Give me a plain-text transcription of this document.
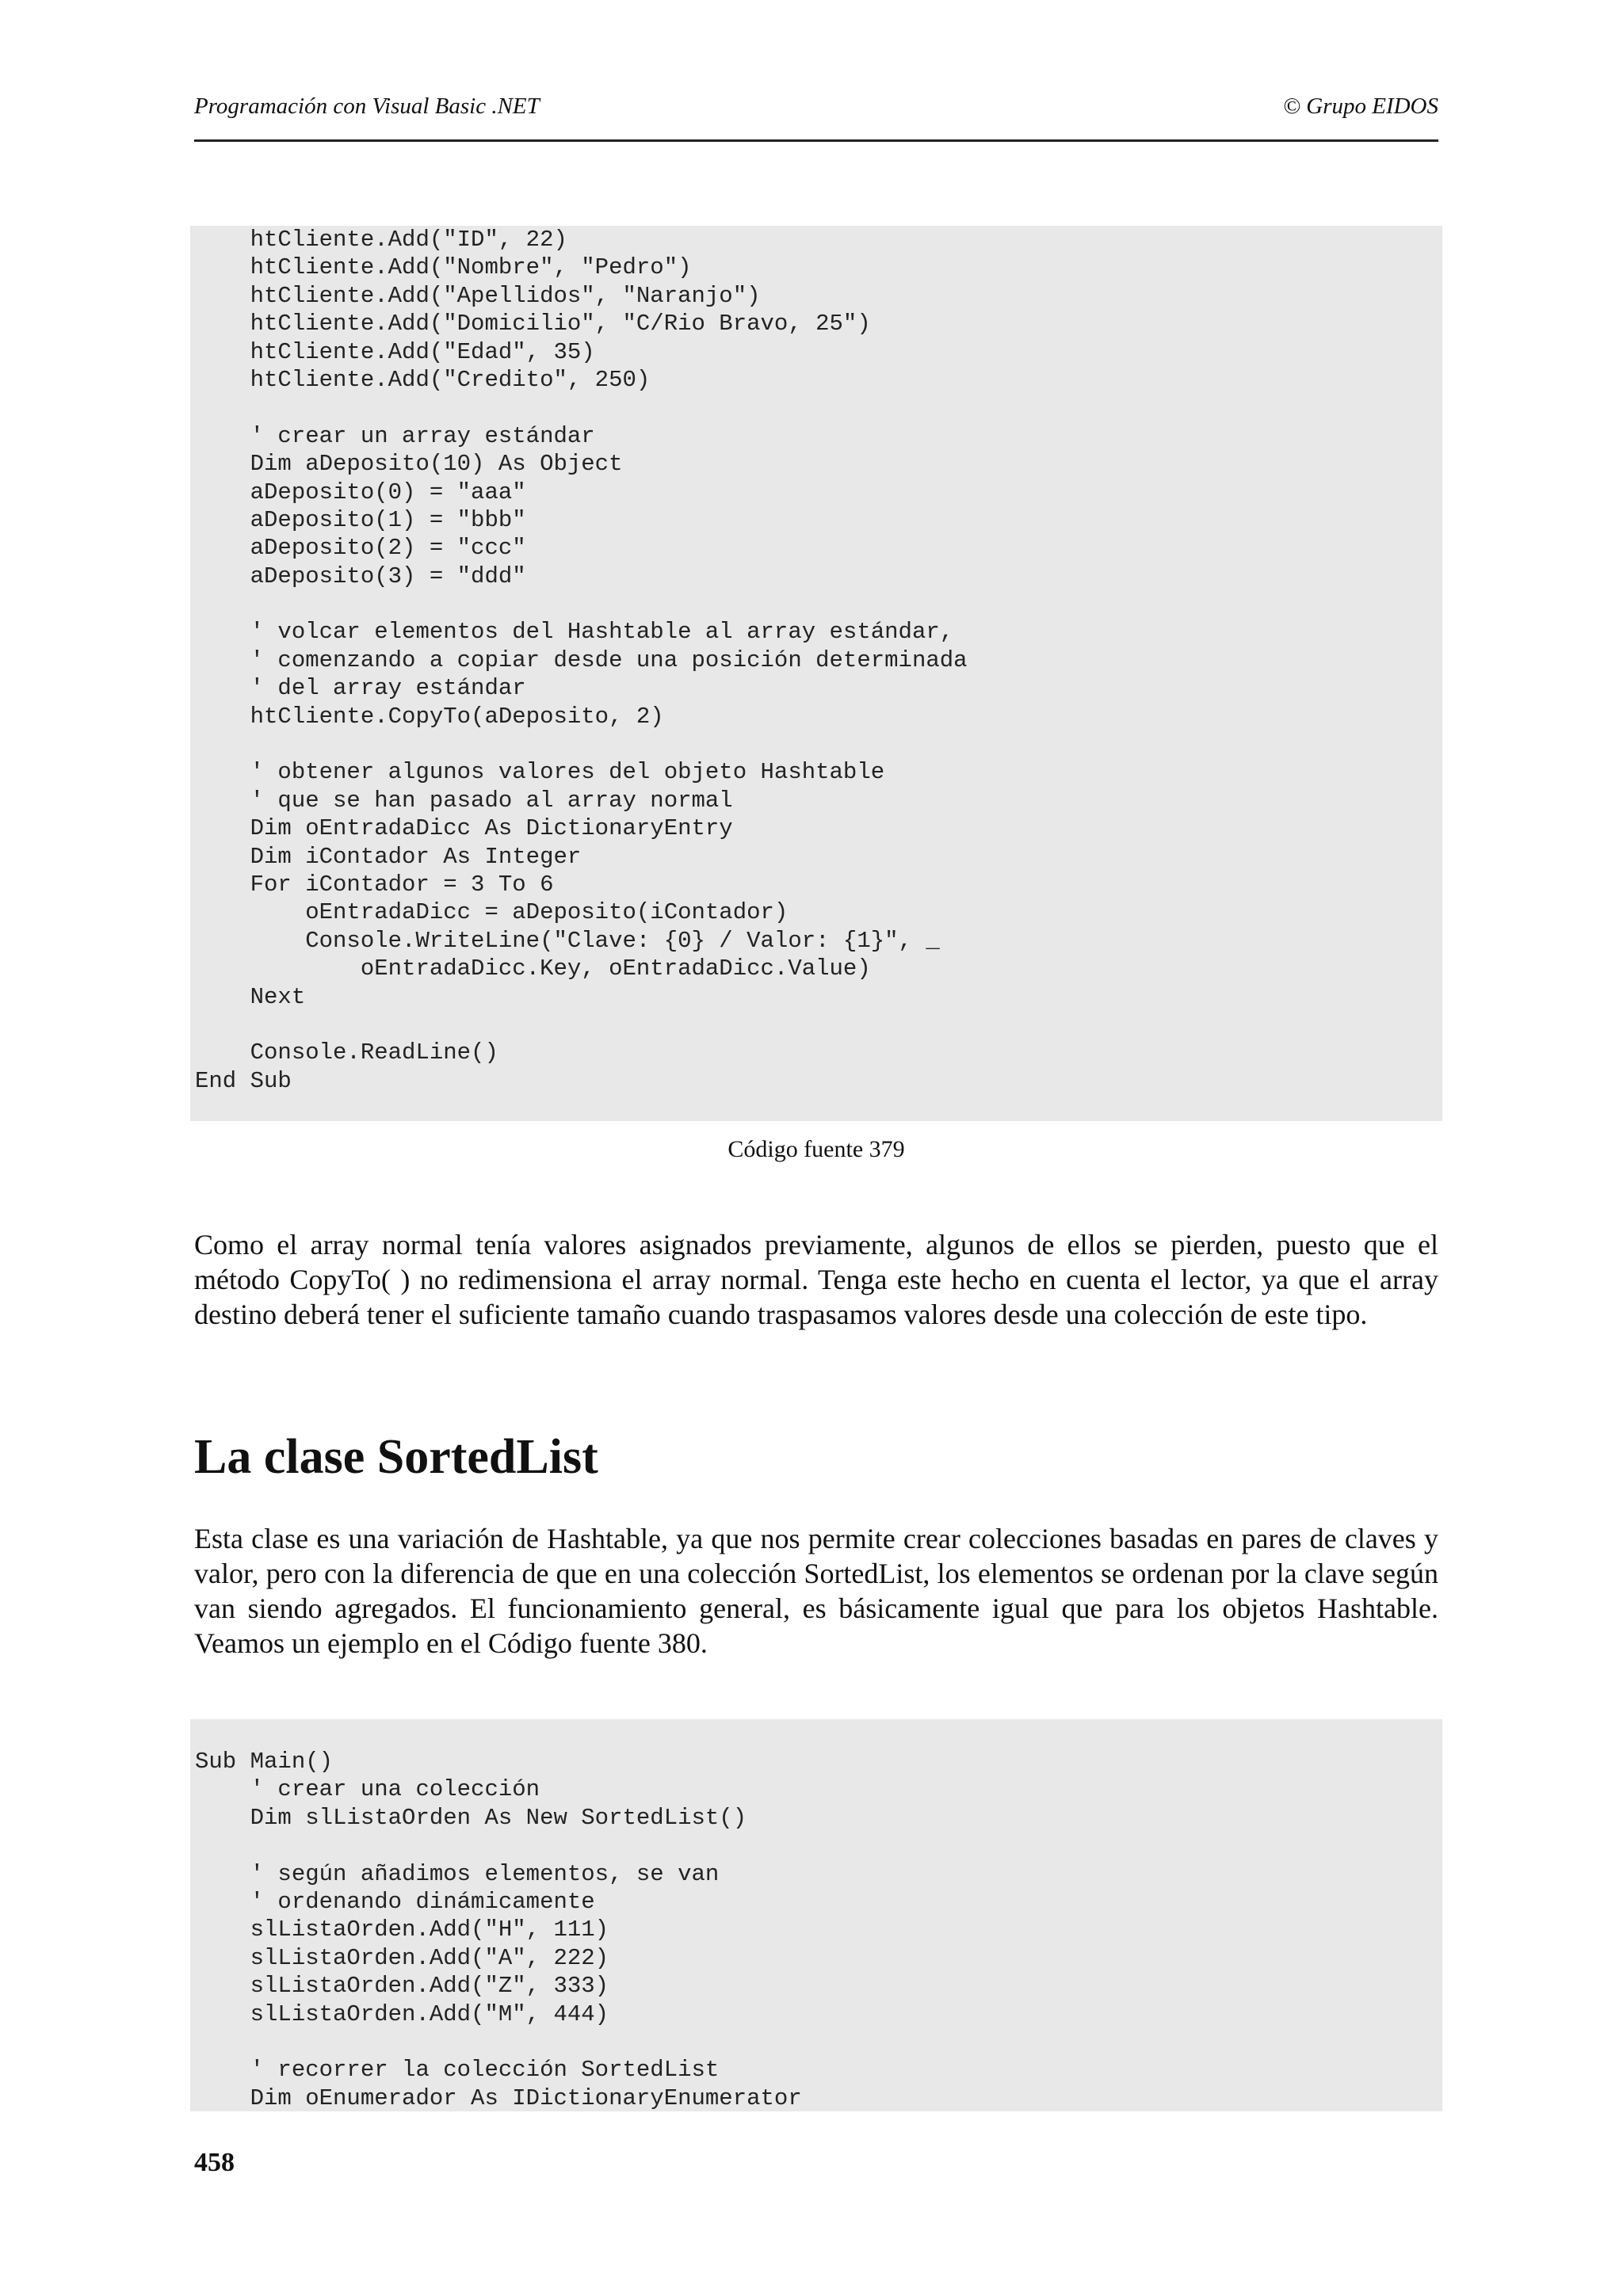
Programación con Visual Basic .NET	© Grupo EIDOS
htCliente.Add("ID", 22)
htCliente.Add("Nombre", "Pedro")
htCliente.Add("Apellidos", "Naranjo")
htCliente.Add("Domicilio", "C/Rio Bravo, 25")
htCliente.Add("Edad", 35)
htCliente.Add("Credito", 250)
' crear un array estándar
Dim aDeposito(10) As Object
aDeposito(0) = "aaa"
aDeposito(1) = "bbb"
aDeposito(2) = "ccc"
aDeposito(3) = "ddd"
' volcar elementos del Hashtable al array estándar,
' comenzando a copiar desde una posición determinada
' del array estándar
htCliente.CopyTo(aDeposito, 2)
' obtener algunos valores del objeto Hashtable
' que se han pasado al array normal
Dim oEntradaDicc As DictionaryEntry
Dim iContador As Integer
For iContador = 3 To 6
oEntradaDicc = aDeposito(iContador)
Console.WriteLine("Clave: {0} / Valor: {1}", _
oEntradaDicc.Key, oEntradaDicc.Value)
Next
Console.ReadLine()
End Sub
Código fuente 379
Como el array normal tenía valores asignados previamente, algunos de ellos se pierden, puesto que el método CopyTo( ) no redimensiona el array normal. Tenga este hecho en cuenta el lector, ya que el array destino deberá tener el suficiente tamaño cuando traspasamos valores desde una colección de este tipo.
La clase SortedList
Esta clase es una variación de Hashtable, ya que nos permite crear colecciones basadas en pares de claves y valor, pero con la diferencia de que en una colección SortedList, los elementos se ordenan por la clave según van siendo agregados. El funcionamiento general, es básicamente igual que para los objetos Hashtable. Veamos un ejemplo en el Código fuente 380.
Sub Main()
' crear una colección
Dim slListaOrden As New SortedList()
' según añadimos elementos, se van
' ordenando dinámicamente
slListaOrden.Add("H", 111)
slListaOrden.Add("A", 222)
slListaOrden.Add("Z", 333)
slListaOrden.Add("M", 444)
' recorrer la colección SortedList
Dim oEnumerador As IDictionaryEnumerator
458
